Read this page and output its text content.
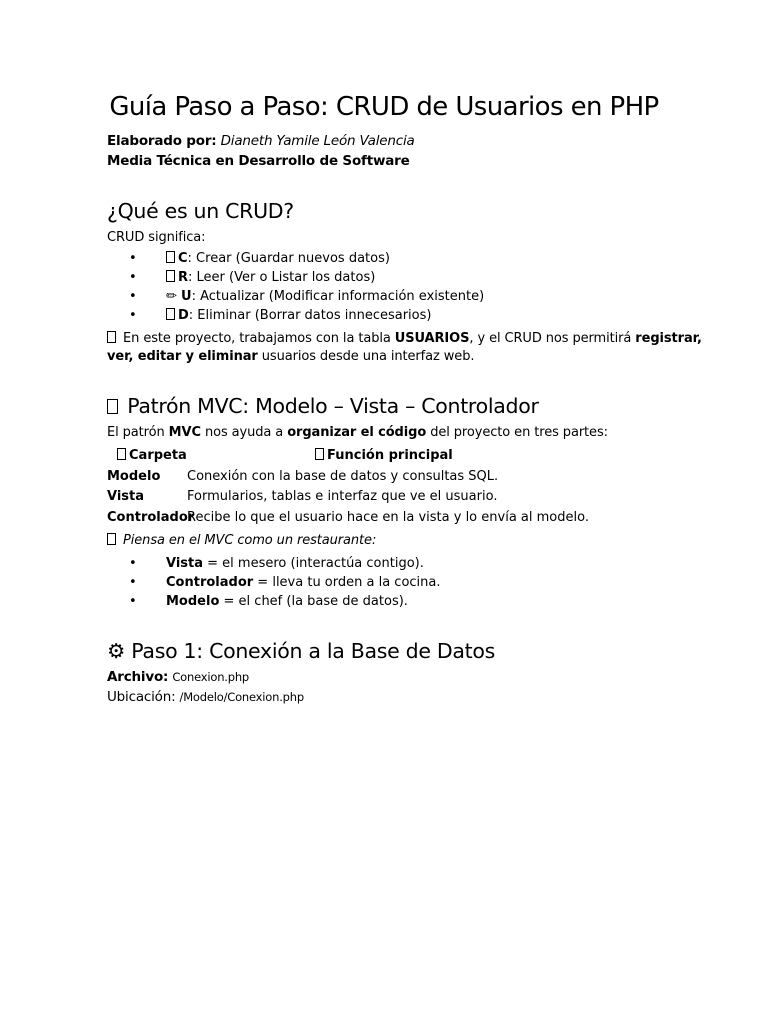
Guía Paso a Paso: CRUD de Usuarios en PHP
Elaborado por: Dianeth Yamile León Valencia
Media Técnica en Desarrollo de Software
¿Qué es un CRUD?
CRUD significa:
• C: Crear (Guardar nuevos datos)
• R: Leer (Ver o Listar los datos)
• ✏ U: Actualizar (Modificar información existente)
• D: Eliminar (Borrar datos innecesarios)
En este proyecto, trabajamos con la tabla USUARIOS, y el CRUD nos permitirá registrar,
ver, editar y eliminar usuarios desde una interfaz web.
Patrón MVC: Modelo – Vista – Controlador
El patrón MVC nos ayuda a organizar el código del proyecto en tres partes:
Carpeta	Función principal
Modelo Conexión con la base de datos y consultas SQL.
Vista	Formularios, tablas e interfaz que ve el usuario.
Controlador
Recibe lo que el usuario hace en la vista y lo envía al modelo.
Piensa en el MVC como un restaurante:
• Vista = el mesero (interactúa contigo).
• Controlador = lleva tu orden a la cocina.
• Modelo = el chef (la base de datos).
⚙ Paso 1: Conexión a la Base de Datos
Archivo: Conexion.php
Ubicación: /Modelo/Conexion.php
